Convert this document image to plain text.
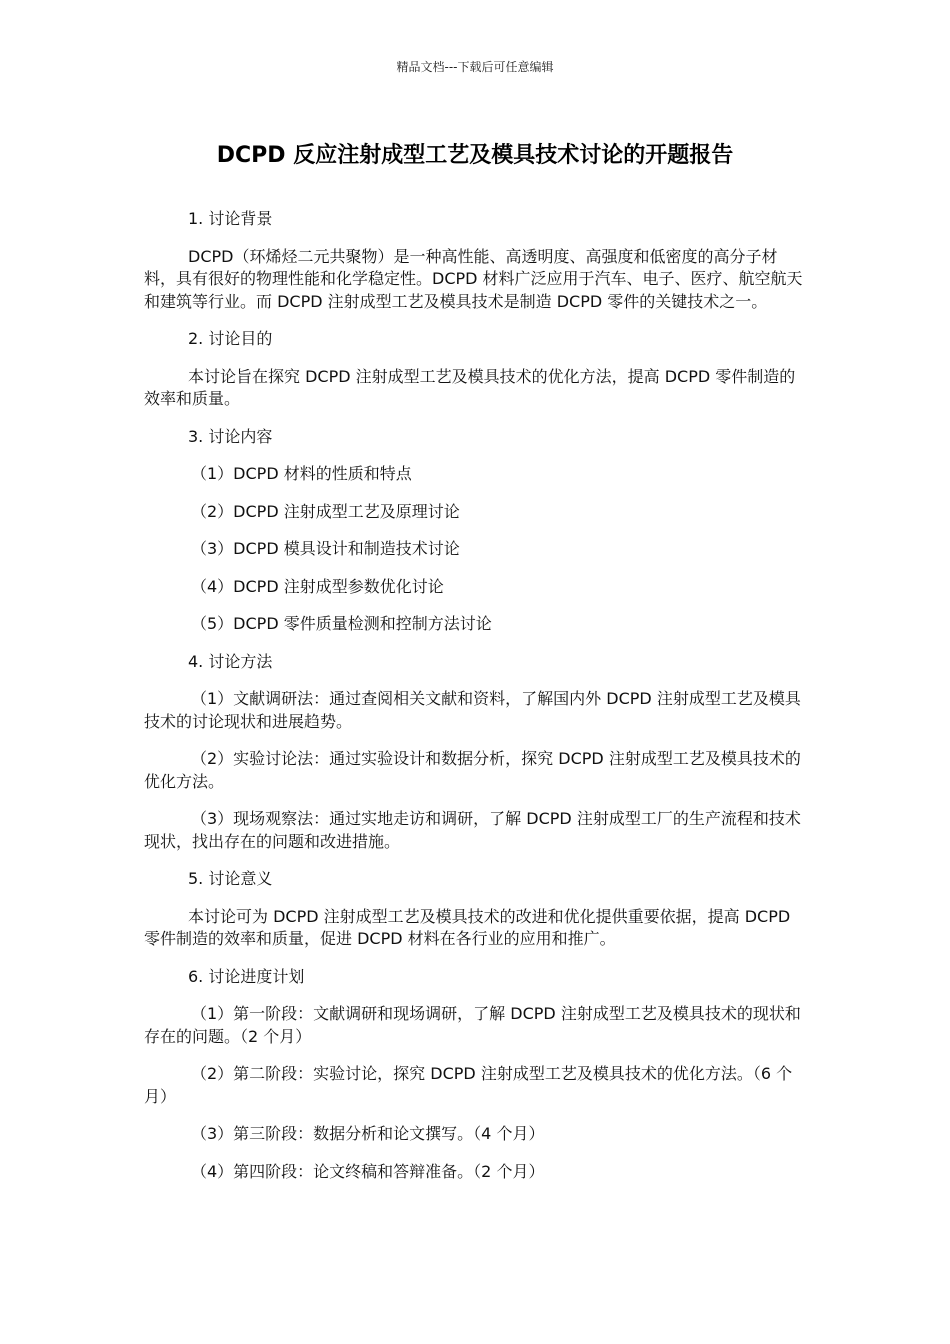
精品文档---下载后可任意编辑
DCPD 反应注射成型工艺及模具技术讨论的开题报告
1. 讨论背景
DCPD（环烯烃二元共聚物）是一种高性能、高透明度、高强度和低密度的高分子材料，具有很好的物理性能和化学稳定性。DCPD 材料广泛应用于汽车、电子、医疗、航空航天和建筑等行业。而 DCPD 注射成型工艺及模具技术是制造 DCPD 零件的关键技术之一。
2. 讨论目的
本讨论旨在探究 DCPD 注射成型工艺及模具技术的优化方法，提高 DCPD 零件制造的效率和质量。
3. 讨论内容
（1）DCPD 材料的性质和特点
（2）DCPD 注射成型工艺及原理讨论
（3）DCPD 模具设计和制造技术讨论
（4）DCPD 注射成型参数优化讨论
（5）DCPD 零件质量检测和控制方法讨论
4. 讨论方法
（1）文献调研法：通过查阅相关文献和资料，了解国内外 DCPD 注射成型工艺及模具技术的讨论现状和进展趋势。
（2）实验讨论法：通过实验设计和数据分析，探究 DCPD 注射成型工艺及模具技术的优化方法。
（3）现场观察法：通过实地走访和调研，了解 DCPD 注射成型工厂的生产流程和技术现状，找出存在的问题和改进措施。
5. 讨论意义
本讨论可为 DCPD 注射成型工艺及模具技术的改进和优化提供重要依据，提高 DCPD 零件制造的效率和质量，促进 DCPD 材料在各行业的应用和推广。
6. 讨论进度计划
（1）第一阶段：文献调研和现场调研，了解 DCPD 注射成型工艺及模具技术的现状和存在的问题。（2 个月）
（2）第二阶段：实验讨论，探究 DCPD 注射成型工艺及模具技术的优化方法。（6 个月）
（3）第三阶段：数据分析和论文撰写。（4 个月）
（4）第四阶段：论文终稿和答辩准备。（2 个月）
